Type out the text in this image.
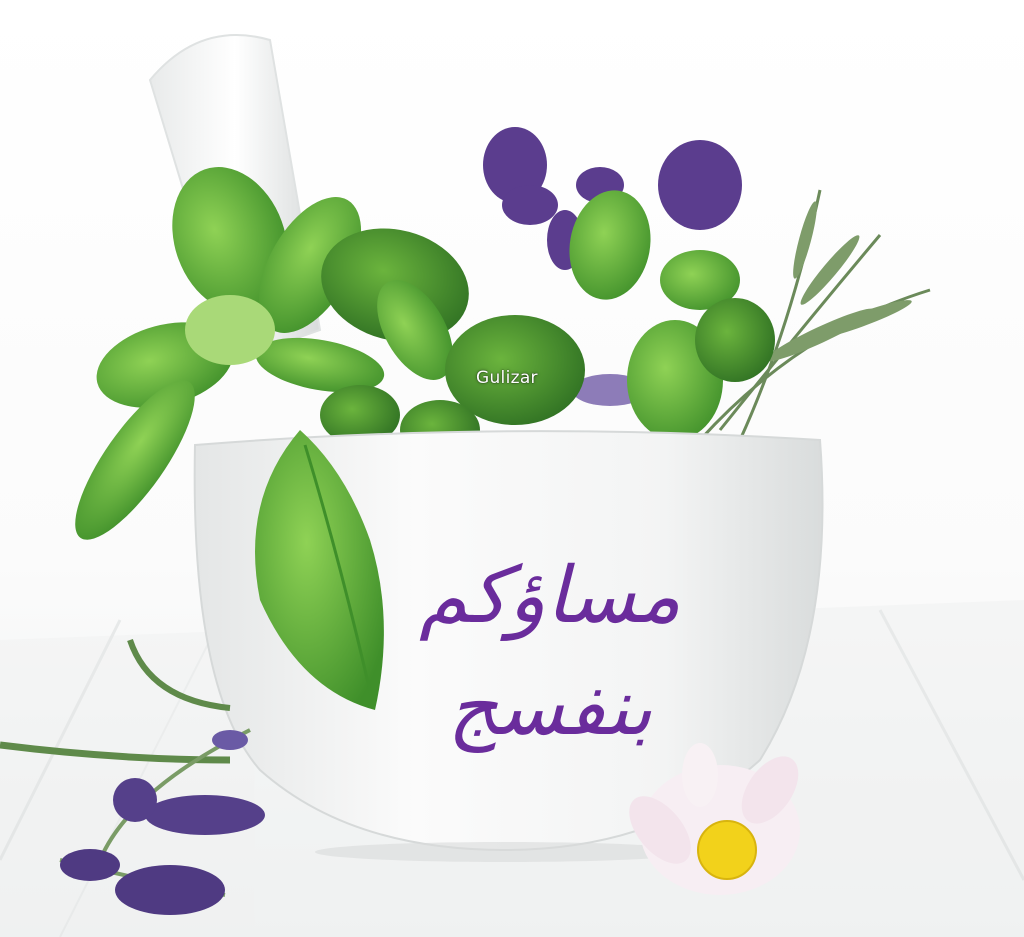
Gulizar
مساؤكم
بنفسج
